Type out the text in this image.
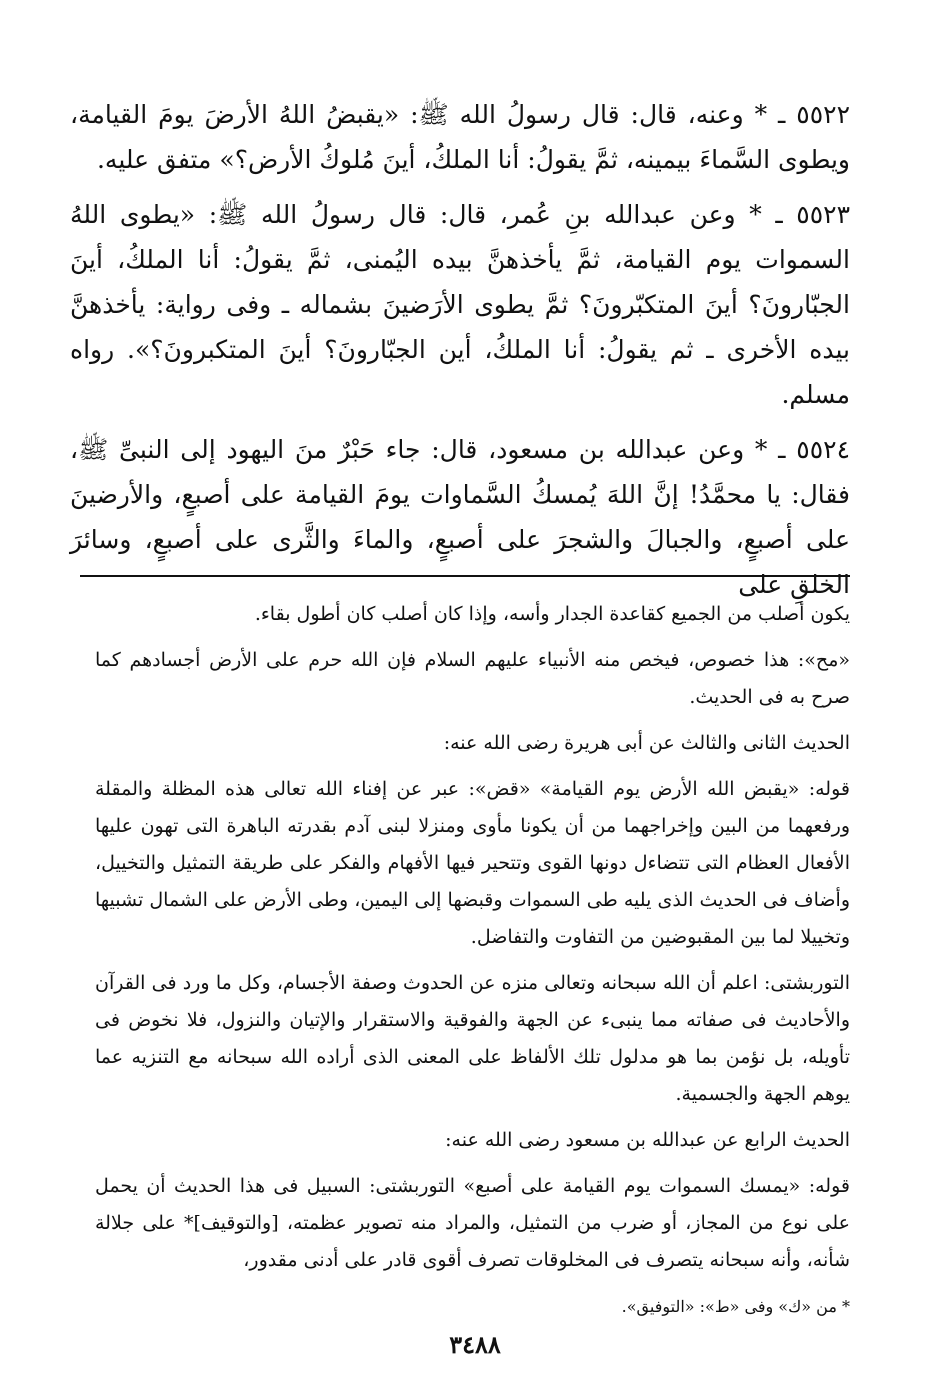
٥٥٢٢ ـ * وعنه، قال: قال رسولُ الله ﷺ: «يقبضُ اللهُ الأرضَ يومَ القيامة، ويطوى السَّماءَ بيمينه، ثمَّ يقولُ: أنا الملكُ، أينَ مُلوكُ الأرض؟» متفق عليه.

٥٥٢٣ ـ * وعن عبدالله بنِ عُمر، قال: قال رسولُ الله ﷺ: «يطوى اللهُ السموات يوم القيامة، ثمَّ يأخذهنَّ بيده اليُمنى، ثمَّ يقولُ: أنا الملكُ، أينَ الجبّارونَ؟ أينَ المتكبّرونَ؟ ثمَّ يطوى الأرَضينَ بشماله ـ وفى رواية: يأخذهنَّ بيده الأخرى ـ ثم يقولُ: أنا الملكُ، أين الجبّارونَ؟ أينَ المتكبرونَ؟». رواه مسلم.

٥٥٢٤ ـ * وعن عبدالله بن مسعود، قال: جاء حَبْرٌ منَ اليهود إلى النبىِّ ﷺ، فقال: يا محمَّدُ! إنَّ اللهَ يُمسكُ السَّماوات يومَ القيامة على أصبعٍ، والأرضينَ على أصبعٍ، والجبالَ والشجرَ على أصبعٍ، والماءَ والثَّرى على أصبعٍ، وسائرَ الخلقِ على

يكون أصلب من الجميع كقاعدة الجدار وأسه، وإذا كان أصلب كان أطول بقاء.

«مح»: هذا خصوص، فيخص منه الأنبياء عليهم السلام فإن الله حرم على الأرض أجسادهم كما صرح به فى الحديث.

الحديث الثانى والثالث عن أبى هريرة رضى الله عنه:

قوله: «يقبض الله الأرض يوم القيامة» «قض»: عبر عن إفناء الله تعالى هذه المظلة والمقلة ورفعهما من البين وإخراجهما من أن يكونا مأوى ومنزلا لبنى آدم بقدرته الباهرة التى تهون عليها الأفعال العظام التى تتضاءل دونها القوى وتتحير فيها الأفهام والفكر على طريقة التمثيل والتخييل، وأضاف فى الحديث الذى يليه طى السموات وقبضها إلى اليمين، وطى الأرض على الشمال تشبيها وتخييلا لما بين المقبوضين من التفاوت والتفاضل.

التوربشتى: اعلم أن الله سبحانه وتعالى منزه عن الحدوث وصفة الأجسام، وكل ما ورد فى القرآن والأحاديث فى صفاته مما ينبىء عن الجهة والفوقية والاستقرار والإتيان والنزول، فلا نخوض فى تأويله، بل نؤمن بما هو مدلول تلك الألفاظ على المعنى الذى أراده الله سبحانه مع التنزيه عما يوهم الجهة والجسمية.

الحديث الرابع عن عبدالله بن مسعود رضى الله عنه:

قوله: «يمسك السموات يوم القيامة على أصبع» التوربشتى: السبيل فى هذا الحديث أن يحمل على نوع من المجاز، أو ضرب من التمثيل، والمراد منه تصوير عظمته، [والتوقيف]* على جلالة شأنه، وأنه سبحانه يتصرف فى المخلوقات تصرف أقوى قادر على أدنى مقدور،

* من «ك» وفى «ط»: «التوفيق».
٣٤٨٨
